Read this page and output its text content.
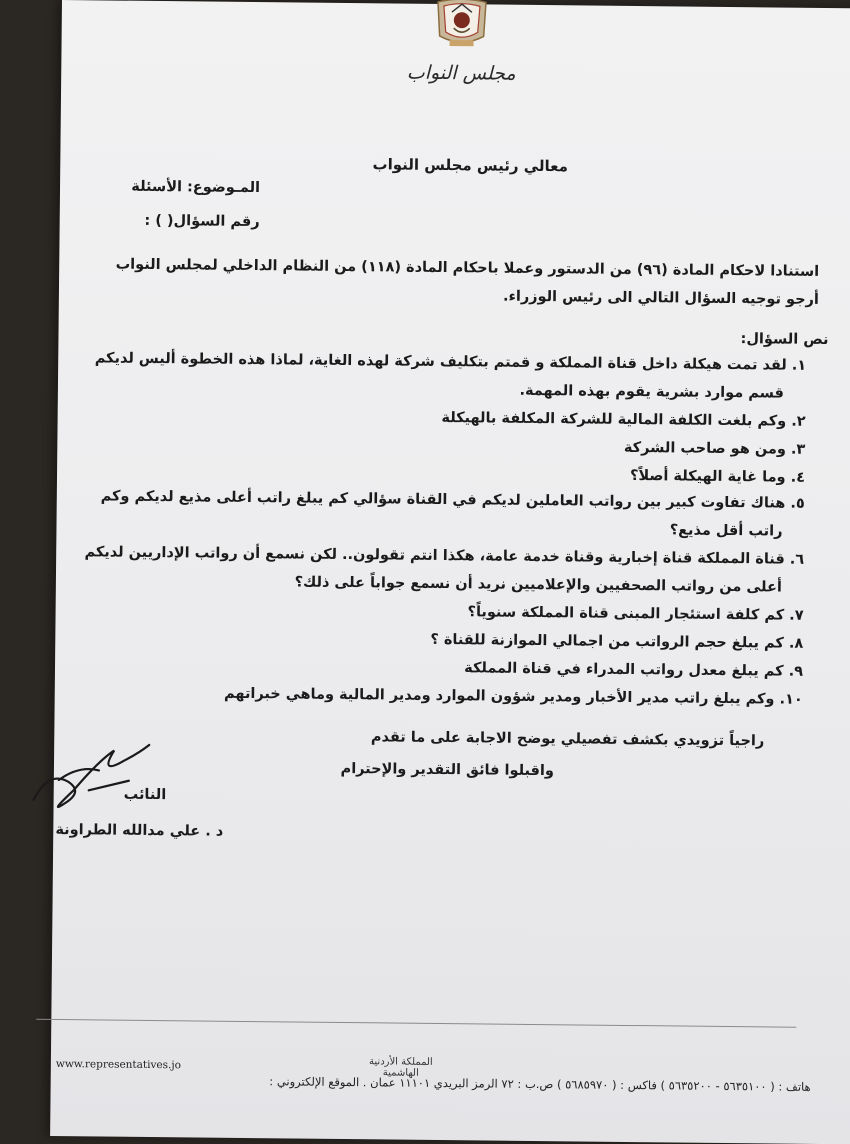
مجلس النواب
معالي رئيس مجلس النواب
المـوضوع: الأسئلة
رقم السؤال( ) :
استنادا لاحكام المادة (٩٦) من الدستور وعملا باحكام المادة (١١٨) من النظام الداخلي لمجلس النواب
أرجو توجيه السؤال التالي الى رئيس الوزراء.
نص السؤال:
١. لقد تمت هيكلة داخل قناة المملكة و قمتم بتكليف شركة لهذه الغاية، لماذا هذه الخطوة أليس لديكم
قسم موارد بشرية يقوم بهذه المهمة.
٢. وكم بلغت الكلفة المالية للشركة المكلفة بالهيكلة
٣. ومن هو صاحب الشركة
٤. وما غاية الهيكلة أصلاً؟
٥. هناك تفاوت كبير بين رواتب العاملين لديكم في القناة سؤالي كم يبلغ راتب أعلى مذيع لديكم وكم
راتب أقل مذيع؟
٦. قناة المملكة قناة إخبارية وقناة خدمة عامة، هكذا انتم تقولون.. لكن نسمع أن رواتب الإداريين لديكم
أعلى من رواتب الصحفيين والإعلاميين نريد أن نسمع جواباً على ذلك؟
٧. كم كلفة استئجار المبنى قناة المملكة سنوياً؟
٨. كم يبلغ حجم الرواتب من اجمالي الموازنة للقناة ؟
٩. كم يبلغ معدل رواتب المدراء في قناة المملكة
١٠. وكم يبلغ راتب مدير الأخبار ومدير شؤون الموارد ومدير المالية وماهي خبراتهم
راجياً تزويدي بكشف تفصيلي يوضح الاجابة على ما تقدم
واقبلوا فائق التقدير والإحترام
النائب
د . علي مدالله الطراونة
المملكة الأردنية الهاشمية
www.representatives.jo
هاتف : ( ٥٦٣٥١٠٠ - ٥٦٣٥٢٠٠ ) فاكس : ( ٥٦٨٥٩٧٠ ) ص.ب : ٧٢ الرمز البريدي ١١١٠١ عمان . الموقع الإلكتروني :
